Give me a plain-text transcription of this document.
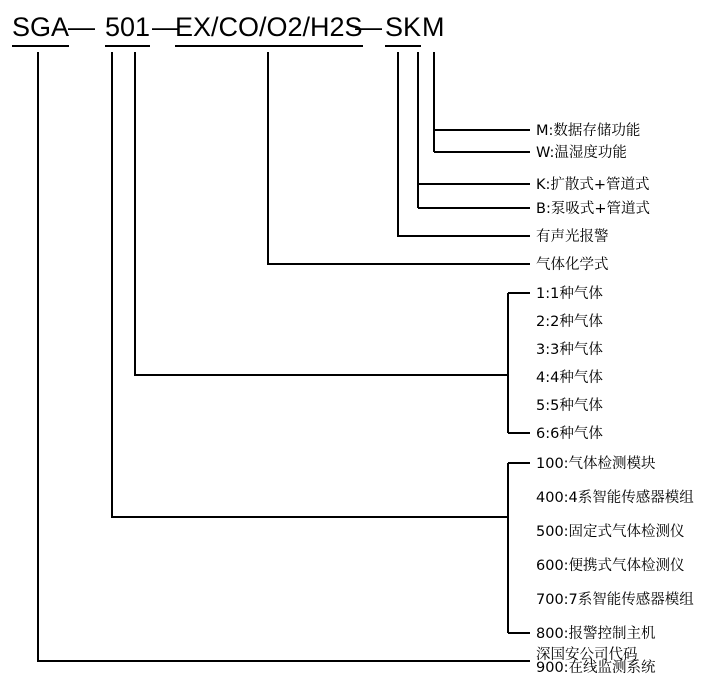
SGA
— 501 —
EX/CO/O2/H2S
— SK M
M:数据存储功能
W:温湿度功能
K:扩散式+管道式
B:泵吸式+管道式
有声光报警
气体化学式
1:1种气体
2:2种气体
3:3种气体
4:4种气体
5:5种气体
6:6种气体
100:气体检测模块
400:4系智能传感器模组
500:固定式气体检测仪
600:便携式气体检测仪
700:7系智能传感器模组
800:报警控制主机
900:在线监测系统
深国安公司代码
